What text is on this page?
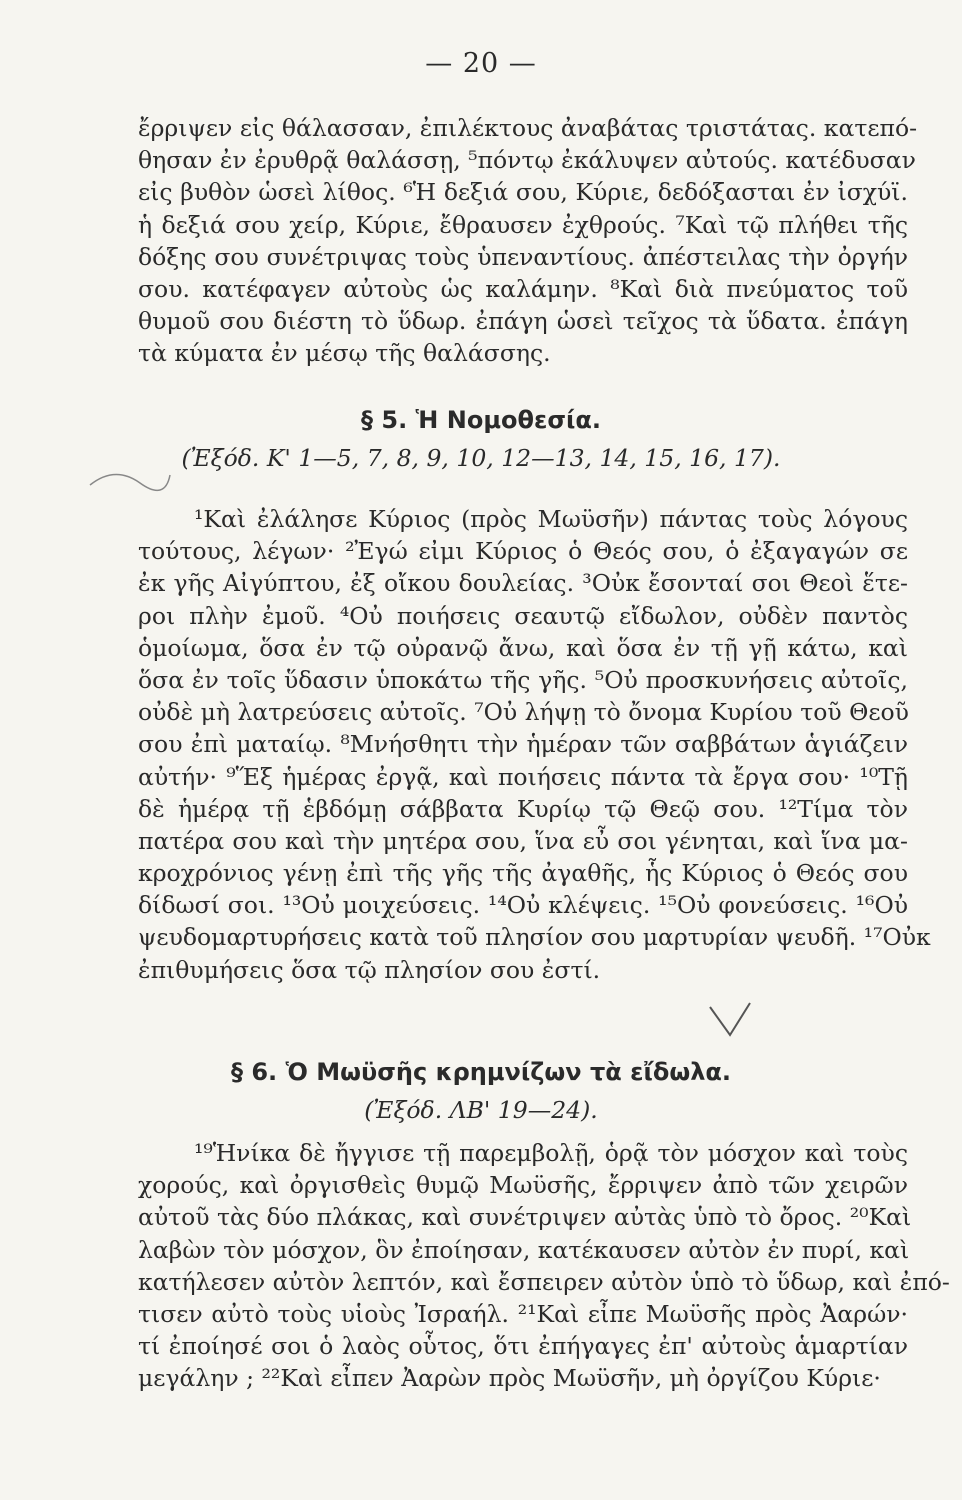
— 20 —
ἔρριψεν εἰς θάλασσαν, ἐπιλέκτους ἀναβάτας τριστάτας. κατεπό-
θησαν ἐν ἐρυθρᾷ θαλάσσῃ, ⁵πόντῳ ἐκάλυψεν αὐτούς. κατέδυσαν
εἰς βυθὸν ὡσεὶ λίθος. ⁶Ἡ δεξιά σου, Κύριε, δεδόξασται ἐν ἰσχύϊ.
ἡ δεξιά σου χείρ, Κύριε, ἔθραυσεν ἐχθρούς. ⁷Καὶ τῷ πλήθει τῆς
δόξης σου συνέτριψας τοὺς ὑπεναντίους. ἀπέστειλας τὴν ὀργήν
σου. κατέφαγεν αὐτοὺς ὡς καλάμην. ⁸Καὶ διὰ πνεύματος τοῦ
θυμοῦ σου διέστη τὸ ὕδωρ. ἐπάγη ὡσεὶ τεῖχος τὰ ὕδατα. ἐπάγη
τὰ κύματα ἐν μέσῳ τῆς θαλάσσης.
§ 5. Ἡ Νομοθεσία.
(Ἐξόδ. Κ' 1—5, 7, 8, 9, 10, 12—13, 14, 15, 16, 17).
¹Καὶ ἐλάλησε Κύριος (πρὸς Μωϋσῆν) πάντας τοὺς λόγους
τούτους, λέγων· ²Ἐγώ εἰμι Κύριος ὁ Θεός σου, ὁ ἐξαγαγών σε
ἐκ γῆς Αἰγύπτου, ἐξ οἴκου δουλείας. ³Οὐκ ἔσονταί σοι Θεοὶ ἕτε-
ροι πλὴν ἐμοῦ. ⁴Οὐ ποιήσεις σεαυτῷ εἴδωλον, οὐδὲν παντὸς
ὁμοίωμα, ὅσα ἐν τῷ οὐρανῷ ἄνω, καὶ ὅσα ἐν τῇ γῇ κάτω, καὶ
ὅσα ἐν τοῖς ὕδασιν ὑποκάτω τῆς γῆς. ⁵Οὐ προσκυνήσεις αὐτοῖς,
οὐδὲ μὴ λατρεύσεις αὐτοῖς. ⁷Οὐ λήψῃ τὸ ὄνομα Κυρίου τοῦ Θεοῦ
σου ἐπὶ ματαίῳ. ⁸Μνήσθητι τὴν ἡμέραν τῶν σαββάτων ἁγιάζειν
αὐτήν· ⁹Ἕξ ἡμέρας ἐργᾷ, καὶ ποιήσεις πάντα τὰ ἔργα σου· ¹⁰Τῇ
δὲ ἡμέρᾳ τῇ ἑβδόμῃ σάββατα Κυρίῳ τῷ Θεῷ σου. ¹²Τίμα τὸν
πατέρα σου καὶ τὴν μητέρα σου, ἵνα εὖ σοι γένηται, καὶ ἵνα μα-
κροχρόνιος γένῃ ἐπὶ τῆς γῆς τῆς ἀγαθῆς, ἧς Κύριος ὁ Θεός σου
δίδωσί σοι. ¹³Οὐ μοιχεύσεις. ¹⁴Οὐ κλέψεις. ¹⁵Οὐ φονεύσεις. ¹⁶Οὐ
ψευδομαρτυρήσεις κατὰ τοῦ πλησίον σου μαρτυρίαν ψευδῆ. ¹⁷Οὐκ
ἐπιθυμήσεις ὅσα τῷ πλησίον σου ἐστί.
§ 6. Ὁ Μωϋσῆς κρημνίζων τὰ εἴδωλα.
(Ἐξόδ. ΛΒ' 19—24).
¹⁹Ἡνίκα δὲ ἤγγισε τῇ παρεμβολῇ, ὁρᾷ τὸν μόσχον καὶ τοὺς
χορούς, καὶ ὀργισθεὶς θυμῷ Μωϋσῆς, ἔρριψεν ἀπὸ τῶν χειρῶν
αὐτοῦ τὰς δύο πλάκας, καὶ συνέτριψεν αὐτὰς ὑπὸ τὸ ὄρος. ²⁰Καὶ
λαβὼν τὸν μόσχον, ὃν ἐποίησαν, κατέκαυσεν αὐτὸν ἐν πυρί, καὶ
κατήλεσεν αὐτὸν λεπτόν, καὶ ἔσπειρεν αὐτὸν ὑπὸ τὸ ὕδωρ, καὶ ἐπό-
τισεν αὐτὸ τοὺς υἱοὺς Ἰσραήλ. ²¹Καὶ εἶπε Μωϋσῆς πρὸς Ἀαρών·
τί ἐποίησέ σοι ὁ λαὸς οὗτος, ὅτι ἐπήγαγες ἐπ' αὐτοὺς ἁμαρτίαν
μεγάλην ; ²²Καὶ εἶπεν Ἀαρὼν πρὸς Μωϋσῆν, μὴ ὀργίζου Κύριε·
